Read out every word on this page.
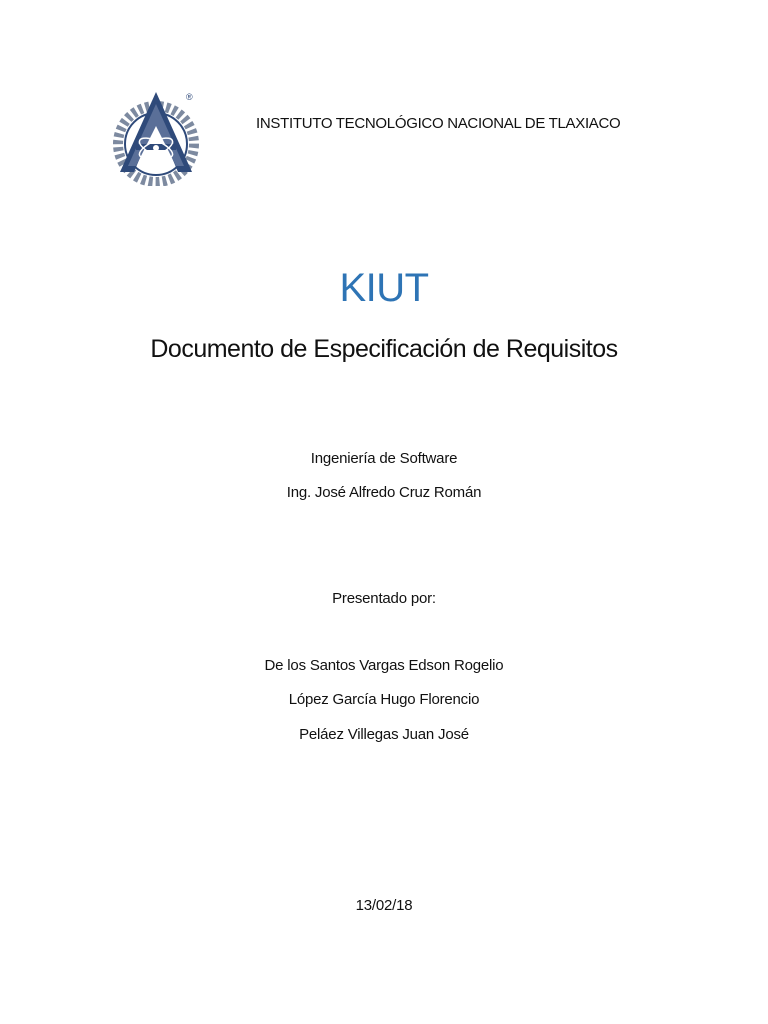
®
INSTITUTO TECNOLÓGICO NACIONAL DE TLAXIACO
KIUT
Documento de Especificación de Requisitos
Ingeniería de Software
Ing. José Alfredo Cruz Román
Presentado por:
De los Santos Vargas Edson Rogelio
López García Hugo Florencio
Peláez Villegas Juan José
13/02/18
